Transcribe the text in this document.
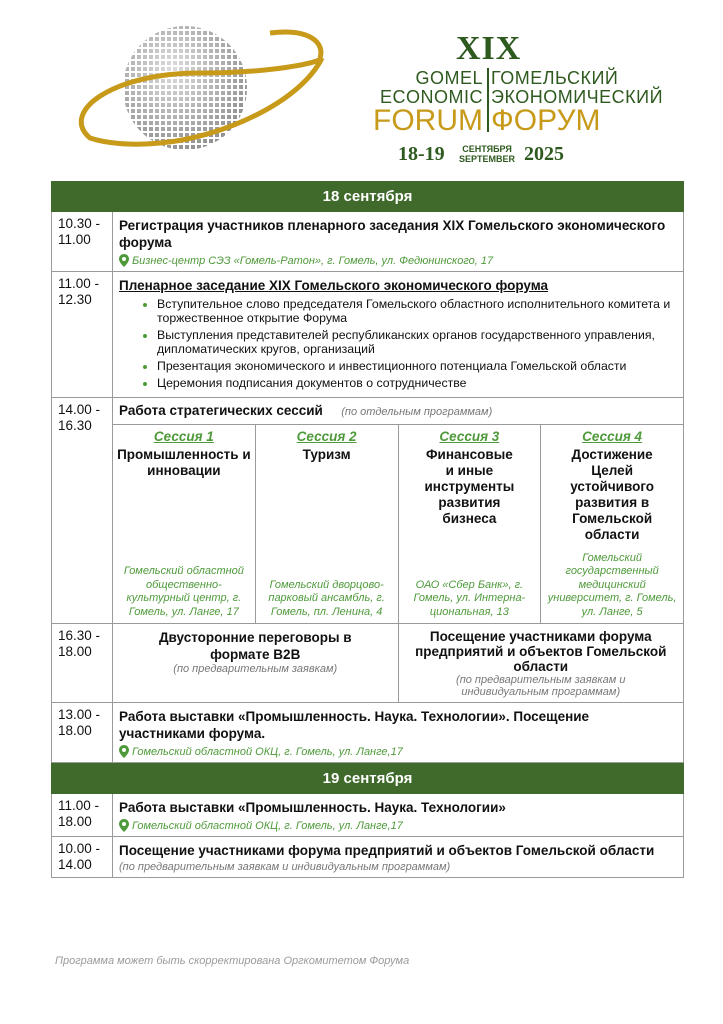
XIX
GOMEL
ECONOMIC
FORUM
ГОМЕЛЬСКИЙ
ЭКОНОМИЧЕСКИЙ
ФОРУМ
18-19	СЕНТЯБРЯ
SEPTEMBER 2025
18 сентября
10.30 - 11.00
Регистрация участников пленарного заседания XIX Гомельского экономического форума
Бизнес-центр СЭЗ «Гомель-Ратон», г. Гомель, ул. Федюнинского, 17
11.00 - 12.30
Пленарное заседание XIX Гомельского экономического форума
• Вступительное слово председателя Гомельского областного исполнительного комитета и торжественное открытие Форума
• Выступления представителей республиканских органов государственного управления, дипломатических кругов, организаций
• Презентация экономического и инвестиционного потенциала Гомельской области
• Церемония подписания документов о сотрудничестве
14.00 - 16.30
Работа стратегических сессий (по отдельным программам)
Сессия 1
Промышленность и инновации
Гомельский областной общественно-культурный центр, г. Гомель, ул. Ланге, 17
Сессия 2
Туризм
Гомельский дворцово-парковый ансамбль, г. Гомель, пл. Ленина, 4
Сессия 3
Финансовые и иные инструменты развития бизнеса
ОАО «Сбер Банк», г. Гомель, ул. Интерна-циональная, 13
Сессия 4
Достижение Целей устойчивого развития в Гомельской области
Гомельский государственный медицинский университет, г. Гомель, ул. Ланге, 5
16.30 - 18.00
Двусторонние переговоры в формате B2B
(по предварительным заявкам)
Посещение участниками форума предприятий и объектов Гомельской области
(по предварительным заявкам и индивидуальным программам)
13.00 - 18.00
Работа выставки «Промышленность. Наука. Технологии». Посещение участниками форума.
Гомельский областной ОКЦ, г. Гомель, ул. Ланге,17
19 сентября
11.00 - 18.00
Работа выставки «Промышленность. Наука. Технологии»
Гомельский областной ОКЦ, г. Гомель, ул. Ланге,17
10.00 - 14.00
Посещение участниками форума предприятий и объектов Гомельской области
(по предварительным заявкам и индивидуальным программам)
Программа может быть скорректирована Оргкомитетом Форума
